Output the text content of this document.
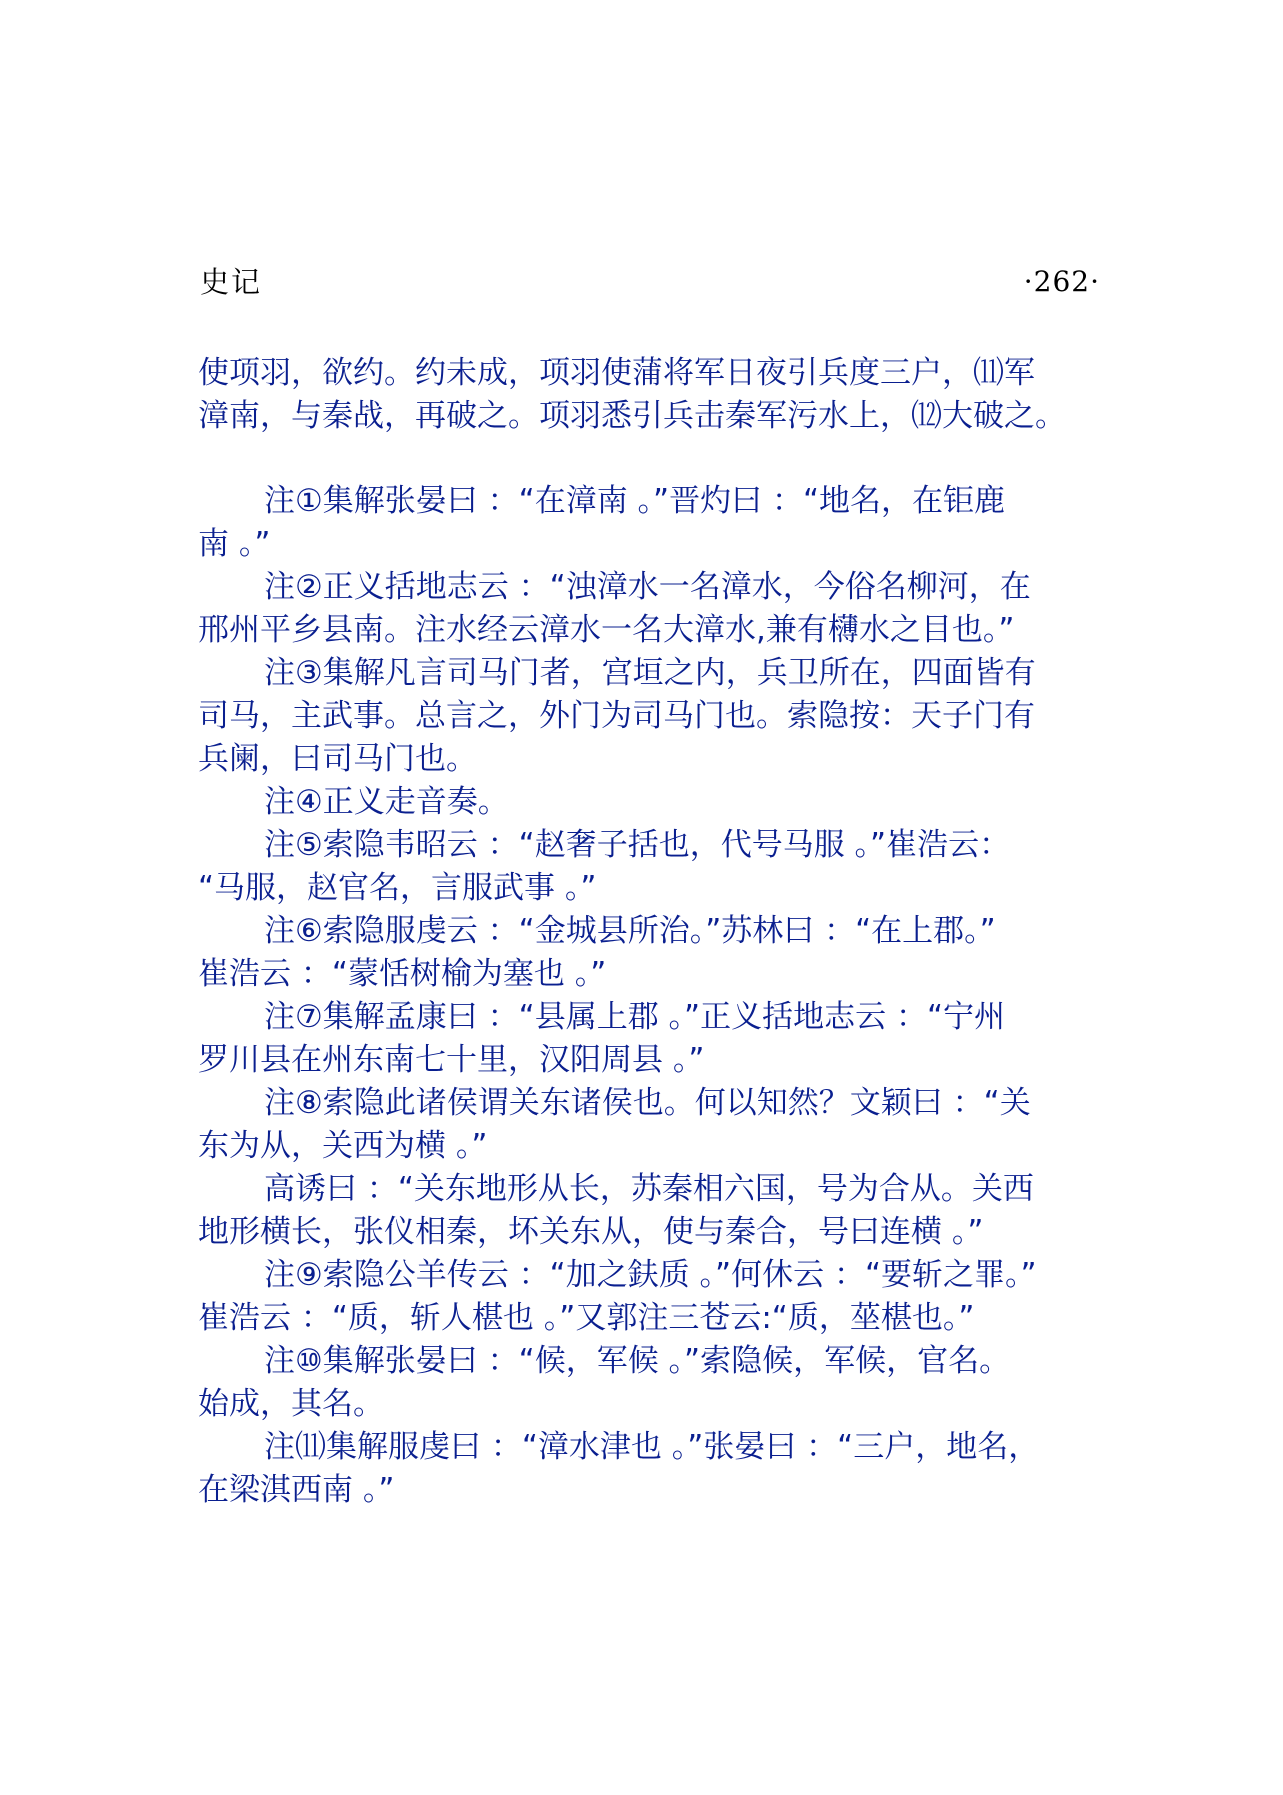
史记	·262·
使项羽，欲约。约未成，项羽使蒲将军日夜引兵度三户，⑾军
漳南，与秦战，再破之。项羽悉引兵击秦军污水上，⑿大破之。
注①集解张晏曰 ：“在漳南 。”晋灼曰 ：“地名，在钜鹿
南 。”
注②正义括地志云 ：“浊漳水一名漳水，今俗名柳河，在
邢州平乡县南。注水经云漳水一名大漳水,兼有欂水之目也。”
注③集解凡言司马门者，宫垣之内，兵卫所在，四面皆有
司马，主武事。总言之，外门为司马门也。索隐按：天子门有
兵阑，曰司马门也。
注④正义走音奏。
注⑤索隐韦昭云 ：“赵奢子括也，代号马服 。”崔浩云：
“马服，赵官名，言服武事 。”
注⑥索隐服虔云 ：“金城县所治。”苏林曰 ：“在上郡。”
崔浩云 ：“蒙恬树榆为塞也 。”
注⑦集解孟康曰 ：“县属上郡 。”正义括地志云 ：“宁州
罗川县在州东南七十里，汉阳周县 。”
注⑧索隐此诸侯谓关东诸侯也。何以知然？文颖曰 ：“关
东为从，关西为横 。”
高诱曰 ：“关东地形从长，苏秦相六国，号为合从。关西
地形横长，张仪相秦，坏关东从，使与秦合，号曰连横 。”
注⑨索隐公羊传云 ：“加之鈇质 。”何休云 ：“要斩之罪。”
崔浩云 ：“质，斩人椹也 。”又郭注三苍云:“质，莝椹也。”
注⑩集解张晏曰 ：“候，军候 。”索隐候，军候，官名。
始成，其名。
注⑾集解服虔曰 ：“漳水津也 。”张晏曰 ：“三户，地名，
在梁淇西南 。”
